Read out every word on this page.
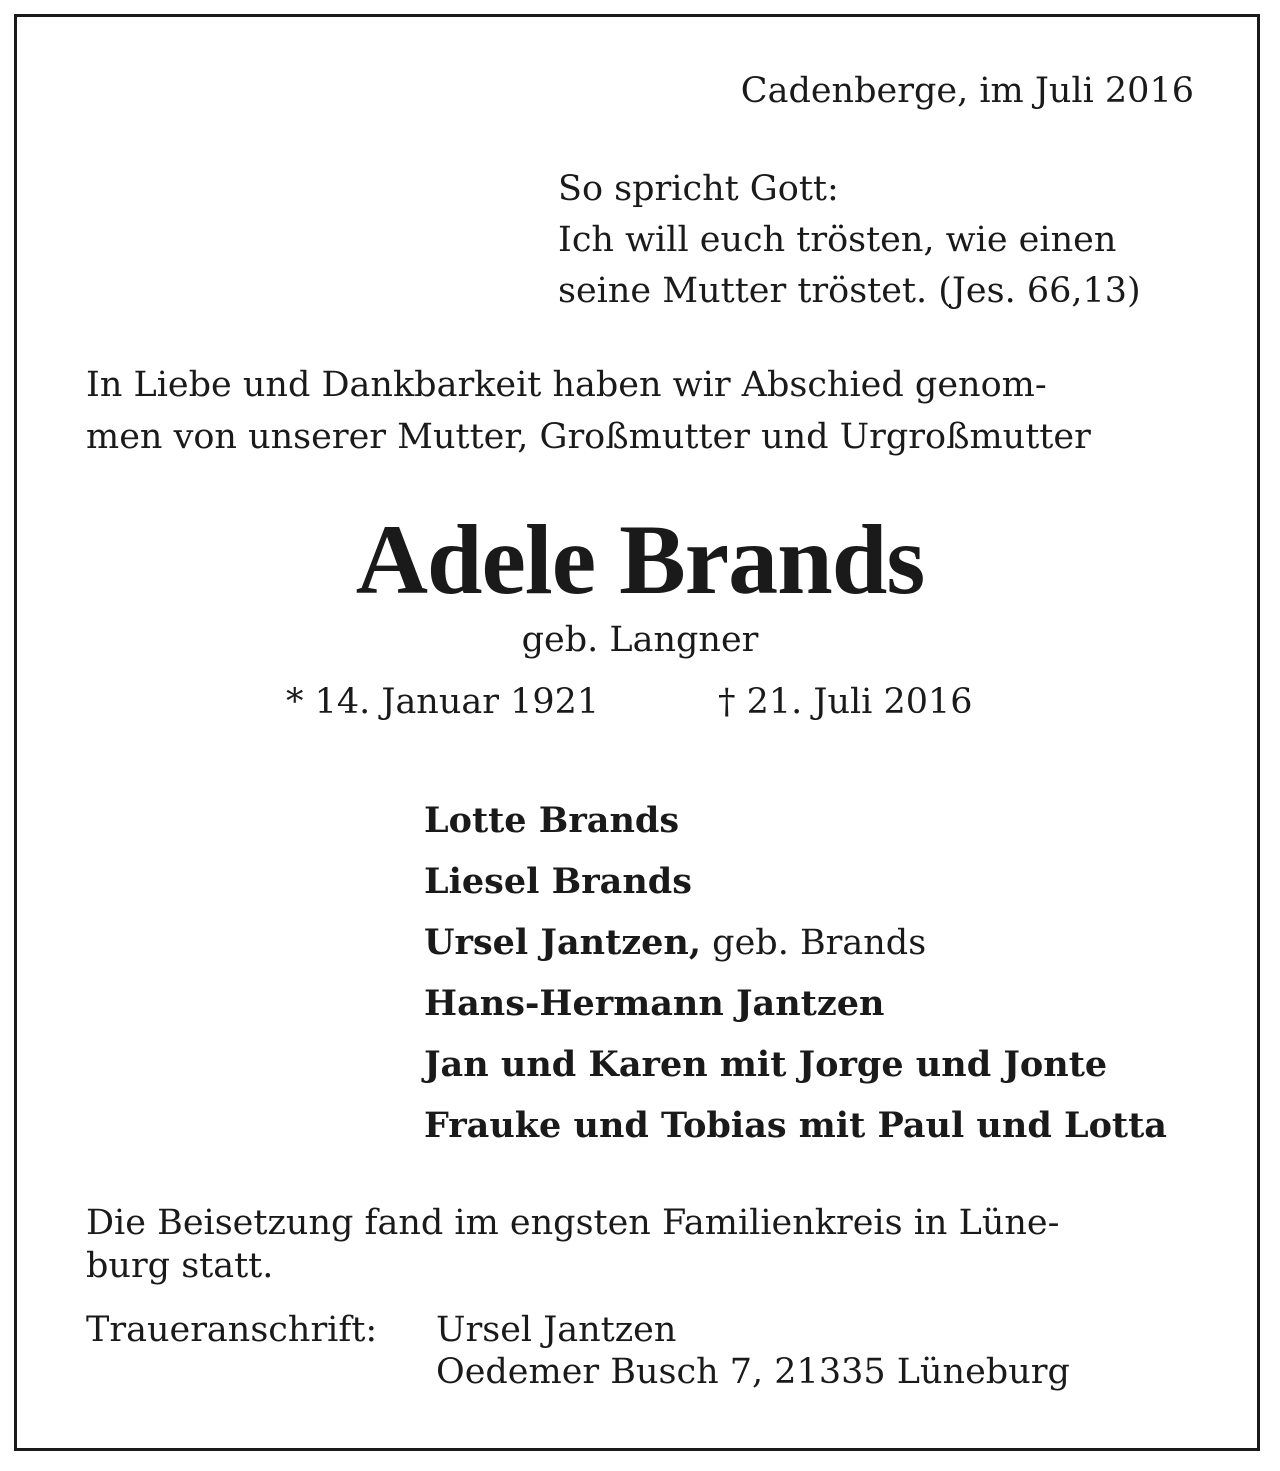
Cadenberge, im Juli 2016
So spricht Gott:
Ich will euch trösten, wie einen
seine Mutter tröstet. (Jes. 66,13)
In Liebe und Dankbarkeit haben wir Abschied genom-
men von unserer Mutter, Großmutter und Urgroßmutter
Adele Brands
geb. Langner
* 14. Januar 1921	† 21. Juli 2016
Lotte Brands
Liesel Brands
Ursel Jantzen, geb. Brands
Hans-Hermann Jantzen
Jan und Karen mit Jorge und Jonte
Frauke und Tobias mit Paul und Lotta
Die Beisetzung fand im engsten Familienkreis in Lüne-
burg statt.
Traueranschrift: Ursel Jantzen
Oedemer Busch 7, 21335 Lüneburg
